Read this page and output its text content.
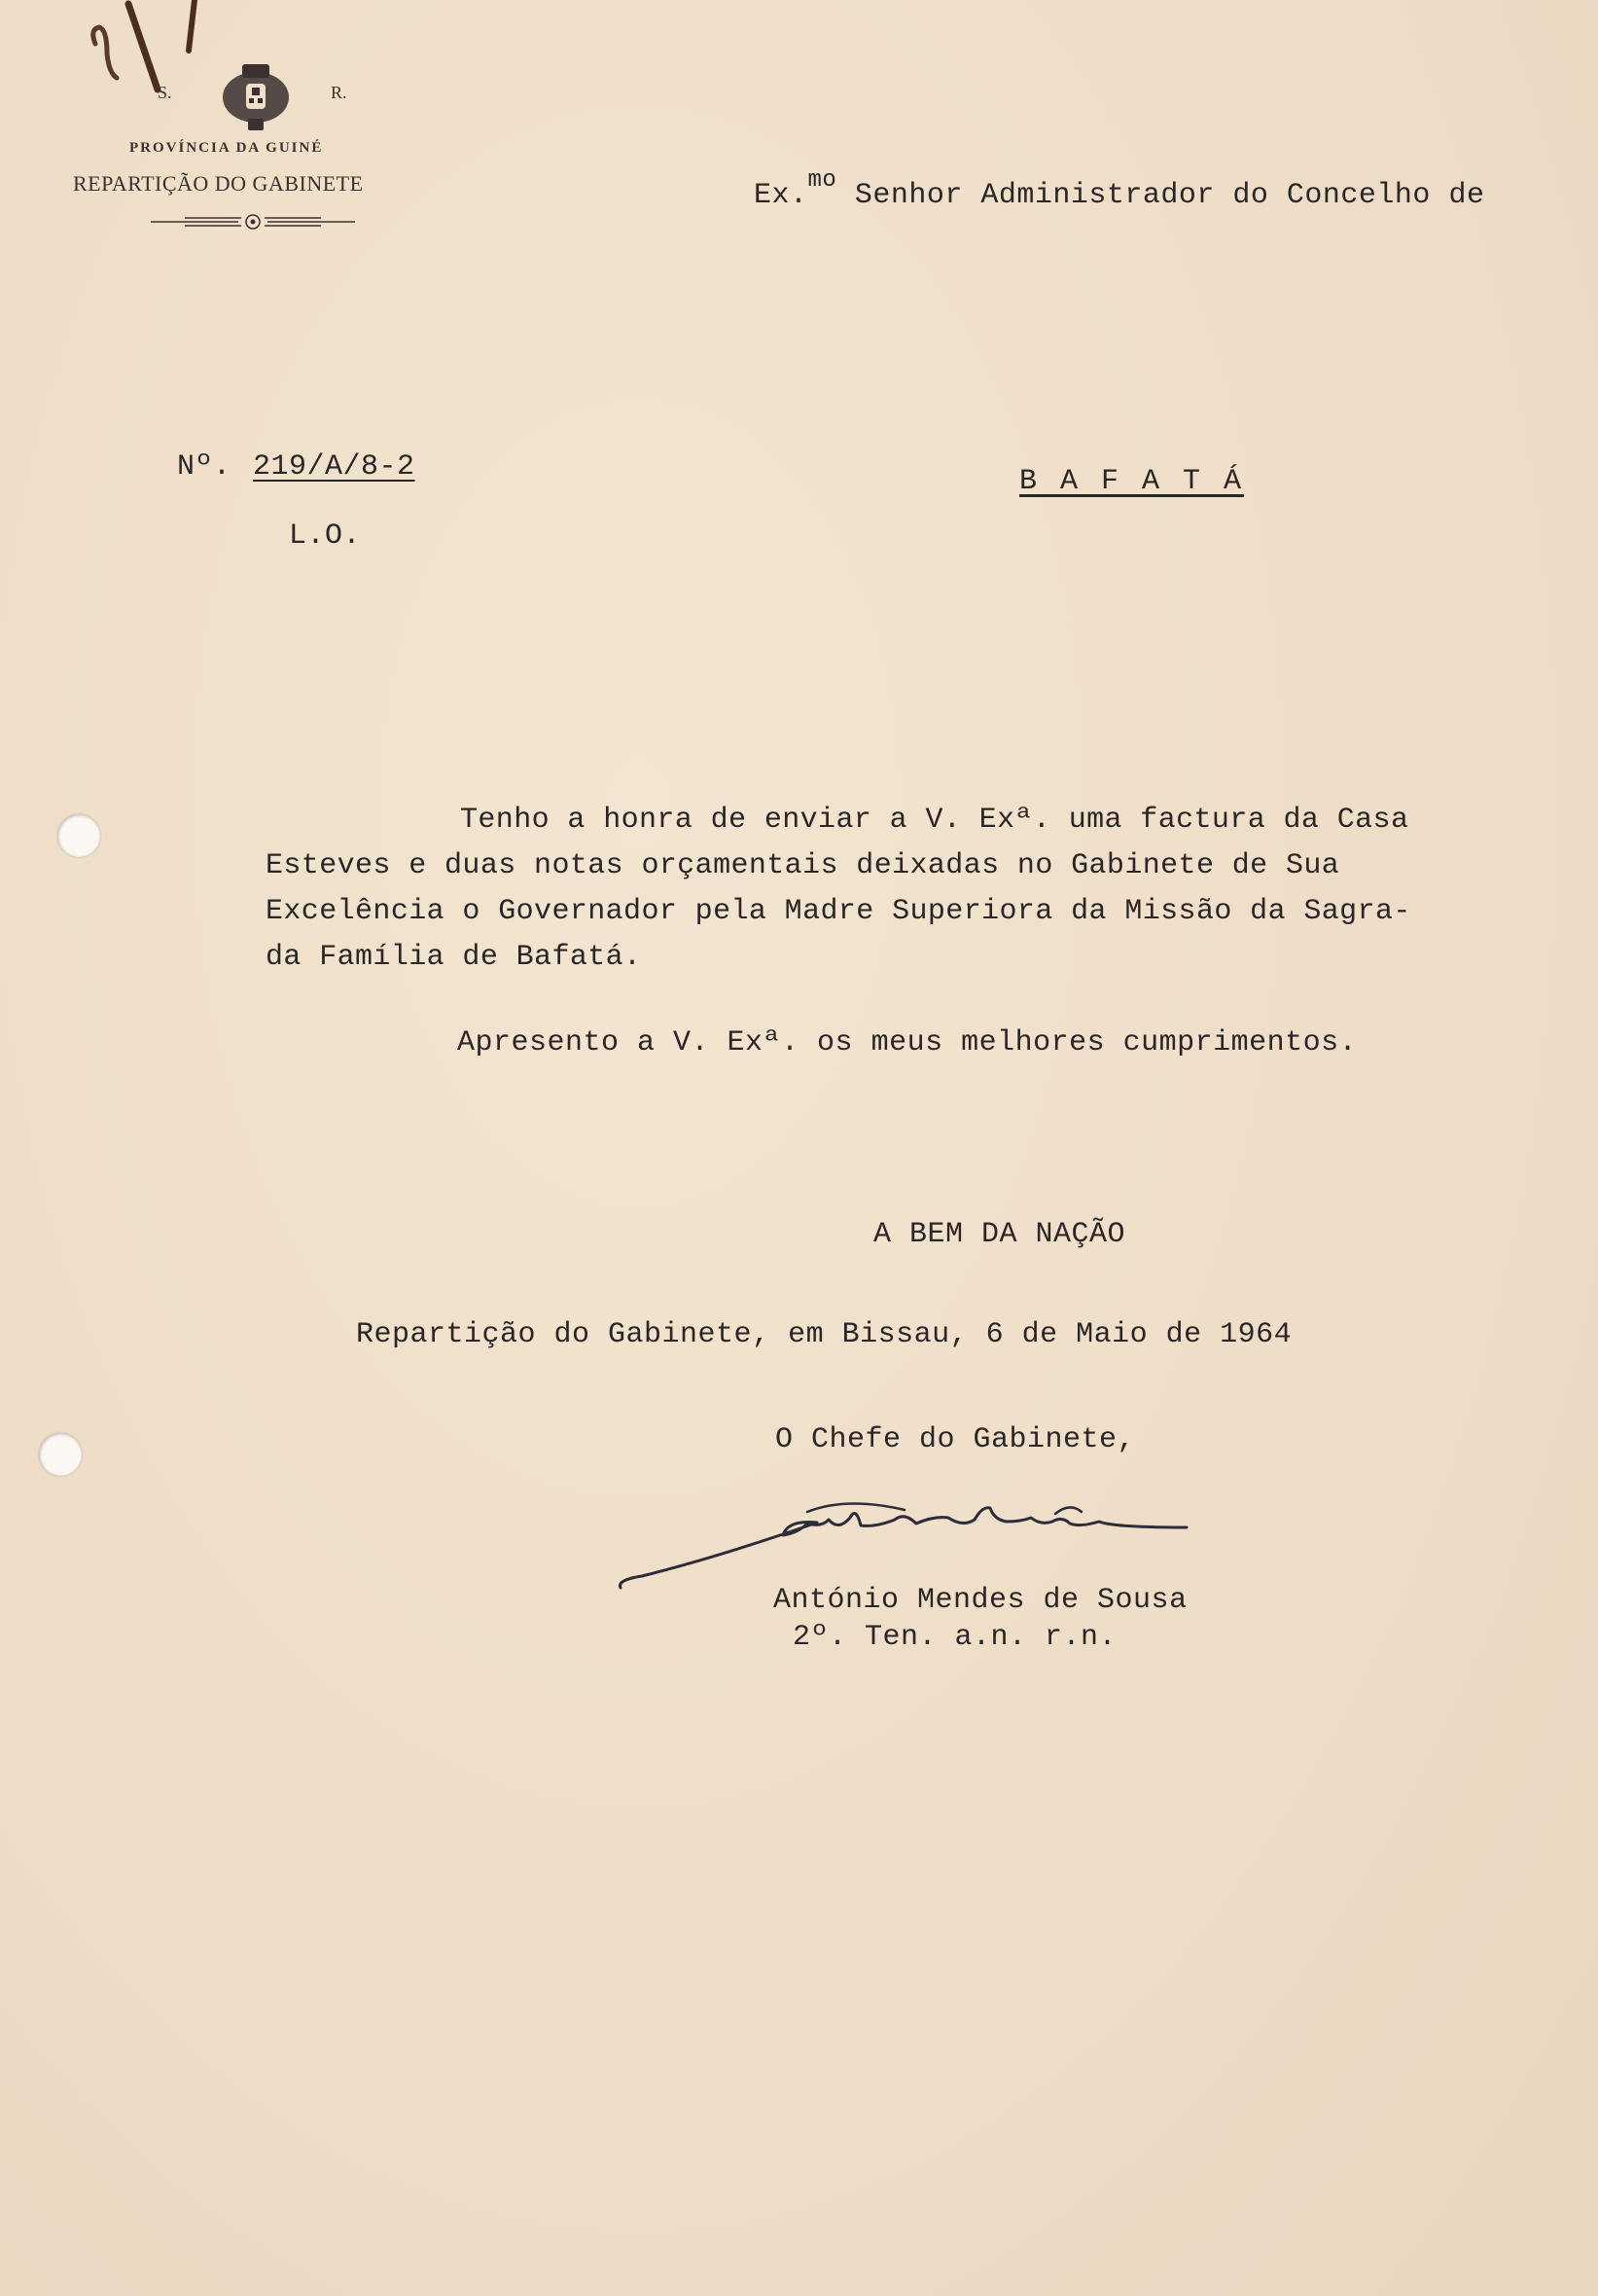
S.	R.
PROVÍNCIA DA GUINÉ
REPARTIÇÃO DO GABINETE	Ex.$^{mo}$ Senhor Administrador do Concelho de
B A F A T Á
Nº. 219/A/8-2
L.O.

Tenho a honra de enviar a V. Exª. uma factura da Casa

Esteves e duas notas orçamentais deixadas no Gabinete de Sua

Excelência o Governador pela Madre Superiora da Missão da Sagra-

da Família de Bafatá.

Apresento a V. Exª. os meus melhores cumprimentos.
A BEM DA NAÇÃO
Repartição do Gabinete, em Bissau, 6 de Maio de 1964
O Chefe do Gabinete,
António Mendes de Sousa
2º. Ten. a.n. r.n.
